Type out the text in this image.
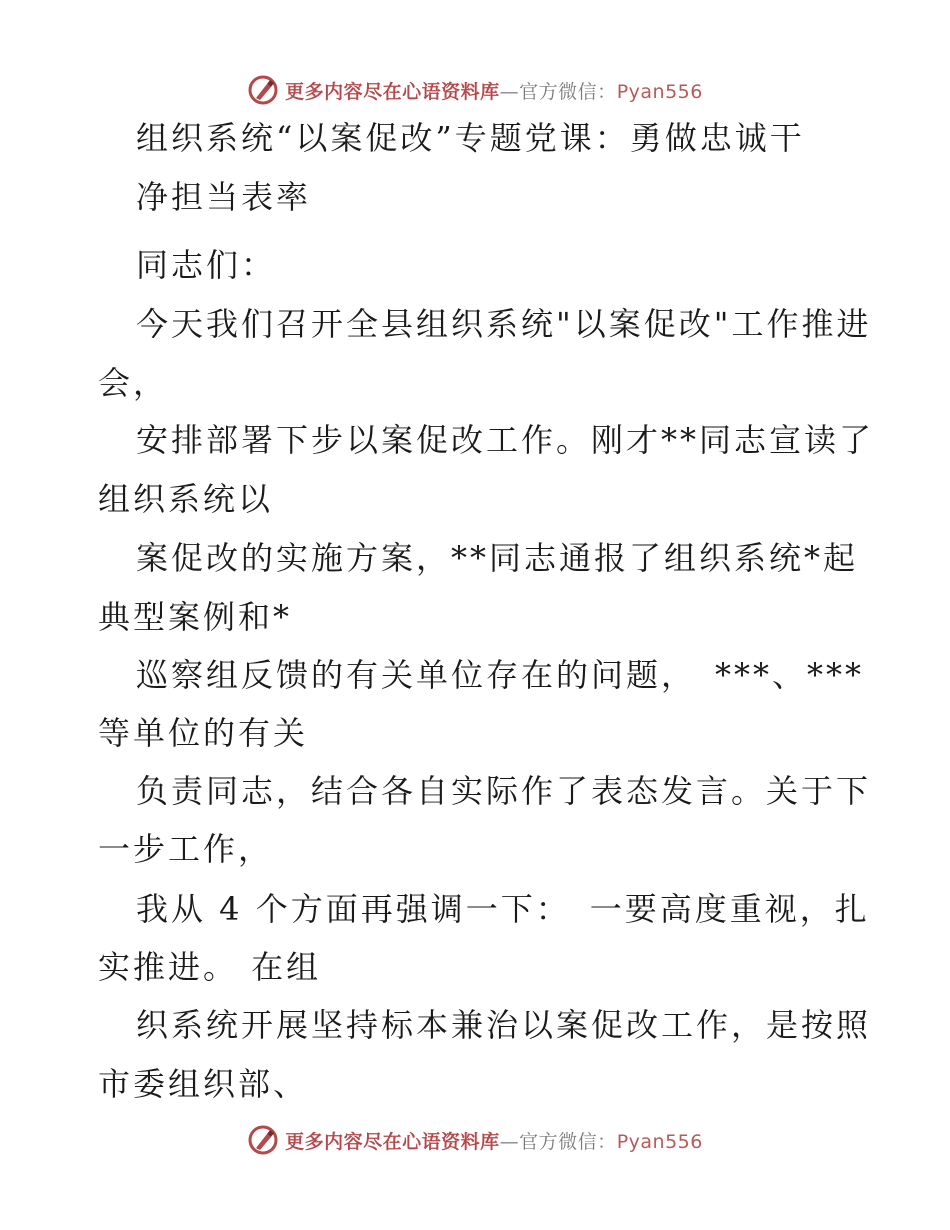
更多内容尽在心语资料库—官方微信：Pyan556
组织系统“以案促改”专题党课：勇做忠诚干
净担当表率
同志们：
今天我们召开全县组织系统"以案促改"工作推进
会，
安排部署下步以案促改工作。刚才**同志宣读了
组织系统以
案促改的实施方案，**同志通报了组织系统*起
典型案例和*
巡察组反馈的有关单位存在的问题，　***、***
等单位的有关
负责同志，结合各自实际作了表态发言。关于下
一步工作，
我从 4 个方面再强调一下：　一要高度重视，扎
实推进。 在组
织系统开展坚持标本兼治以案促改工作，是按照
市委组织部、
更多内容尽在心语资料库—官方微信：Pyan556
